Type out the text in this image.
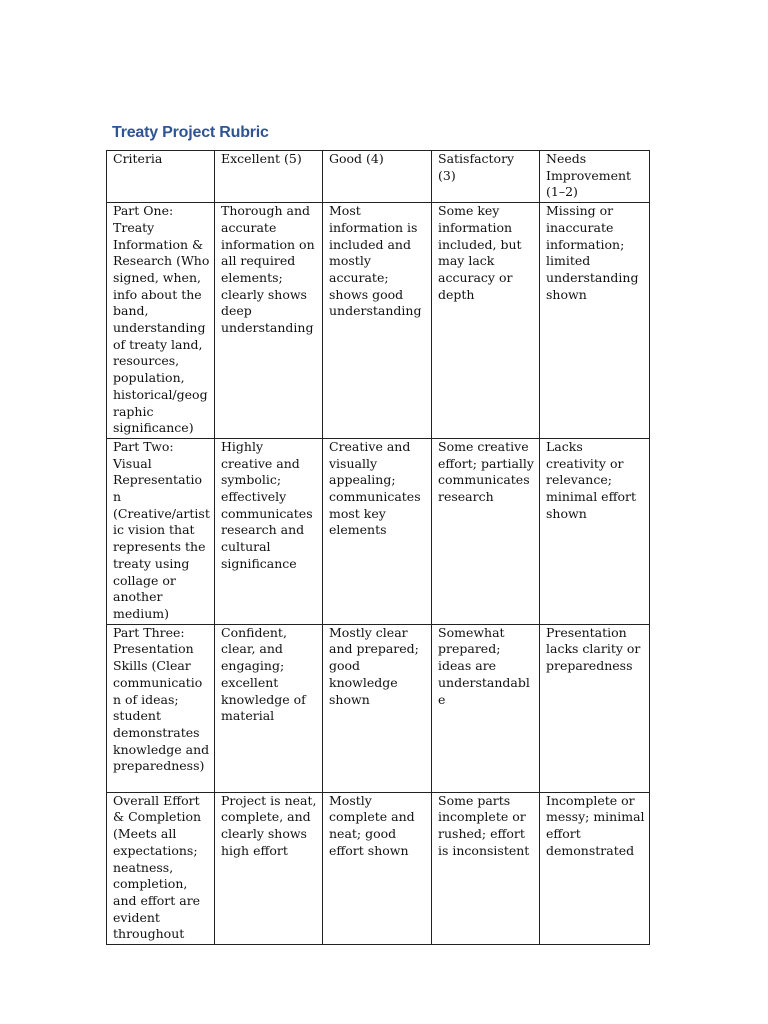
Treaty Project Rubric
Criteria	Excellent (5)	Good (4)	Satisfactory (3)	Needs Improvement (1–2)
Part One: Treaty Information & Research (Who signed, when, info about the band, understanding of treaty land, resources, population, historical/geographic significance)	Thorough and accurate information on all required elements; clearly shows deep understanding	Most information is included and mostly accurate; shows good understanding	Some key information included, but may lack accuracy or depth	Missing or inaccurate information; limited understanding shown
Part Two: Visual Representation (Creative/artistic vision that represents the treaty using collage or another medium)	Highly creative and symbolic; effectively communicates research and cultural significance	Creative and visually appealing; communicates most key elements	Some creative effort; partially communicates research	Lacks creativity or relevance; minimal effort shown
Part Three: Presentation Skills (Clear communication of ideas; student demonstrates knowledge and preparedness)	Confident, clear, and engaging; excellent knowledge of material	Mostly clear and prepared; good knowledge shown	Somewhat prepared; ideas are understandable	Presentation lacks clarity or preparedness
Overall Effort & Completion (Meets all expectations; neatness, completion, and effort are evident throughout	Project is neat, complete, and clearly shows high effort	Mostly complete and neat; good effort shown	Some parts incomplete or rushed; effort is inconsistent	Incomplete or messy; minimal effort demonstrated
